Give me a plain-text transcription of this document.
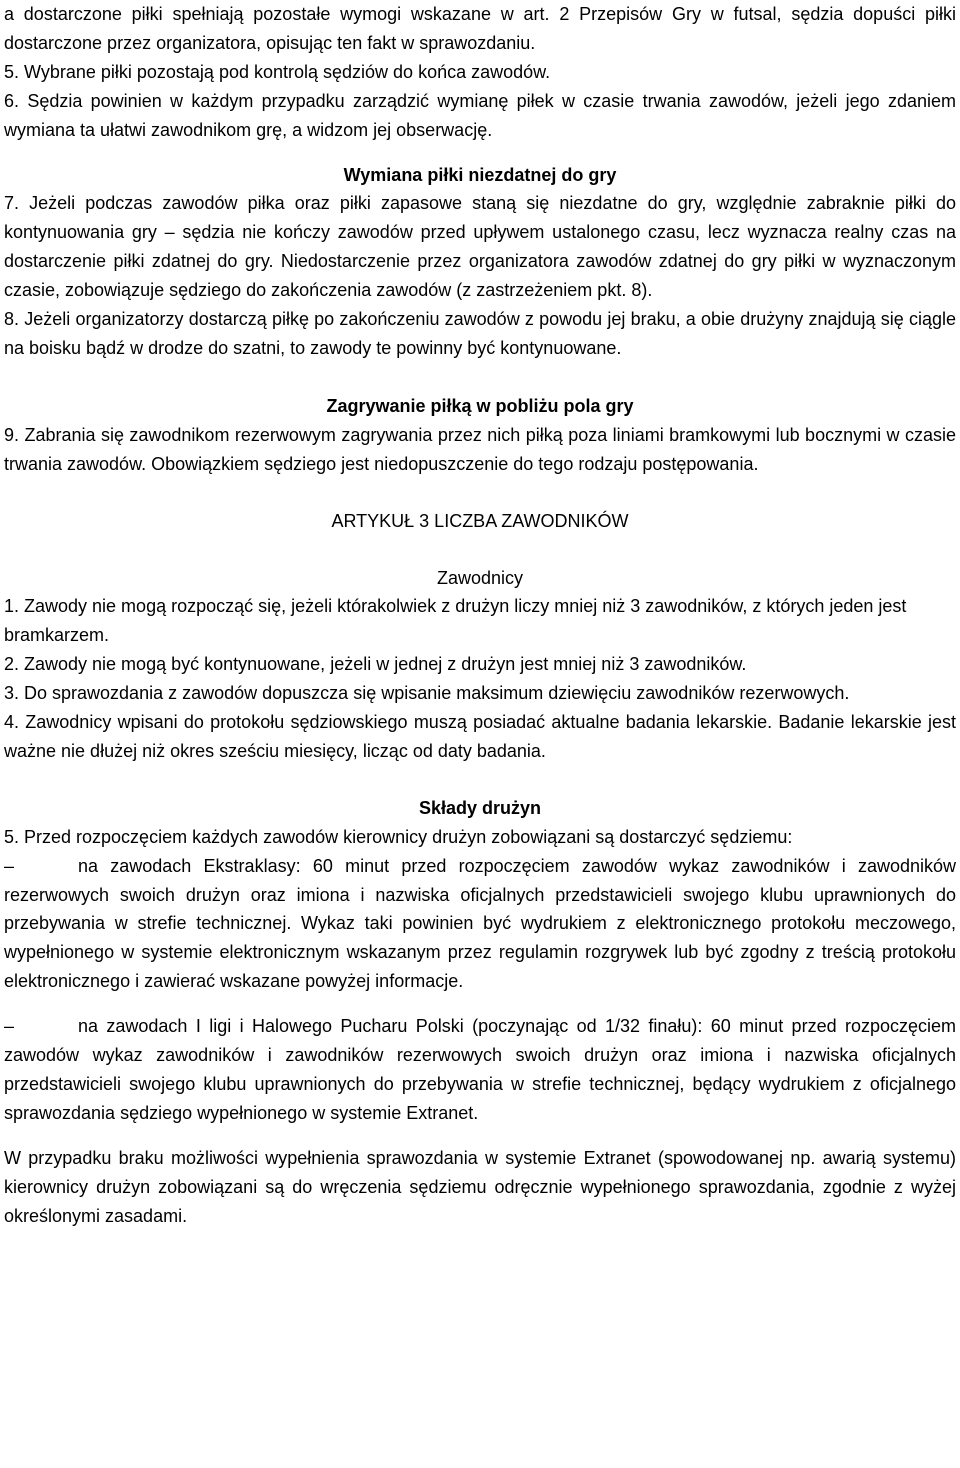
a dostarczone piłki spełniają pozostałe wymogi wskazane w art. 2 Przepisów Gry w futsal, sędzia dopuści piłki dostarczone przez organizatora, opisując ten fakt w sprawozdaniu.

5. Wybrane piłki pozostają pod kontrolą sędziów do końca zawodów.

6. Sędzia powinien w każdym przypadku zarządzić wymianę piłek w czasie trwania zawodów, jeżeli jego zdaniem wymiana ta ułatwi zawodnikom grę, a widzom jej obserwację.

Wymiana piłki niezdatnej do gry

7. Jeżeli podczas zawodów piłka oraz piłki zapasowe staną się niezdatne do gry, względnie zabraknie piłki do kontynuowania gry – sędzia nie kończy zawodów przed upływem ustalonego czasu, lecz wyznacza realny czas na dostarczenie piłki zdatnej do gry. Niedostarczenie przez organizatora zawodów zdatnej do gry piłki w wyznaczonym czasie, zobowiązuje sędziego do zakończenia zawodów (z zastrzeżeniem pkt. 8).

8. Jeżeli organizatorzy dostarczą piłkę po zakończeniu zawodów z powodu jej braku, a obie drużyny znajdują się ciągle na boisku bądź w drodze do szatni, to zawody te powinny być kontynuowane.

Zagrywanie piłką w pobliżu pola gry

9. Zabrania się zawodnikom rezerwowym zagrywania przez nich piłką poza liniami bramkowymi lub bocznymi w czasie trwania zawodów. Obowiązkiem sędziego jest niedopuszczenie do tego rodzaju postępowania.

ARTYKUŁ 3 LICZBA ZAWODNIKÓW

Zawodnicy

1. Zawody nie mogą rozpocząć się, jeżeli którakolwiek z drużyn liczy mniej niż 3 zawodników, z których jeden jest bramkarzem.

2. Zawody nie mogą być kontynuowane, jeżeli w jednej z drużyn jest mniej niż 3 zawodników.

3. Do sprawozdania z zawodów dopuszcza się wpisanie maksimum dziewięciu zawodników rezerwowych.

4. Zawodnicy wpisani do protokołu sędziowskiego muszą posiadać aktualne badania lekarskie. Badanie lekarskie jest ważne nie dłużej niż okres sześciu miesięcy, licząc od daty badania.

Składy drużyn

5. Przed rozpoczęciem każdych zawodów kierownicy drużyn zobowiązani są dostarczyć sędziemu:

–	na zawodach Ekstraklasy: 60 minut przed rozpoczęciem zawodów wykaz zawodników i zawodników rezerwowych swoich drużyn oraz imiona i nazwiska oficjalnych przedstawicieli swojego klubu uprawnionych do przebywania w strefie technicznej. Wykaz taki powinien być wydrukiem z elektronicznego protokołu meczowego, wypełnionego w systemie elektronicznym wskazanym przez regulamin rozgrywek lub być zgodny z treścią protokołu elektronicznego i zawierać wskazane powyżej informacje.

–	na zawodach I ligi i Halowego Pucharu Polski (poczynając od 1/32 finału): 60 minut przed rozpoczęciem zawodów wykaz zawodników i zawodników rezerwowych swoich drużyn oraz imiona i nazwiska oficjalnych przedstawicieli swojego klubu uprawnionych do przebywania w strefie technicznej, będący wydrukiem z oficjalnego sprawozdania sędziego wypełnionego w systemie Extranet.

W przypadku braku możliwości wypełnienia sprawozdania w systemie Extranet (spowodowanej np. awarią systemu) kierownicy drużyn zobowiązani są do wręczenia sędziemu odręcznie wypełnionego sprawozdania, zgodnie z wyżej określonymi zasadami.
